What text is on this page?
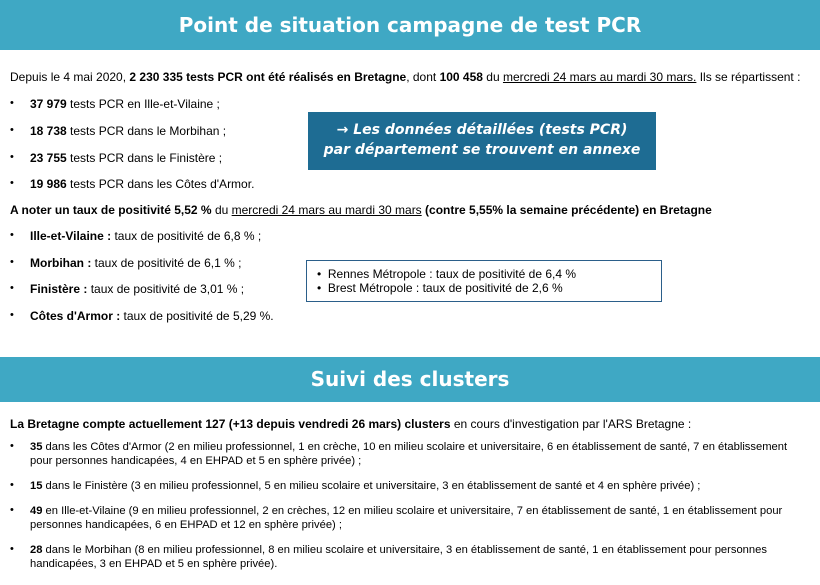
Point de situation campagne de test PCR
Depuis le 4 mai 2020, 2 230 335 tests PCR ont été réalisés en Bretagne, dont 100 458 du mercredi 24 mars au mardi 30 mars. Ils se répartissent :
• 37 979 tests PCR en Ille-et-Vilaine ;
• 18 738 tests PCR dans le Morbihan ;
• 23 755 tests PCR dans le Finistère ;
• 19 986 tests PCR dans les Côtes d'Armor.
→ Les données détaillées (tests PCR)
par département se trouvent en annexe
A noter un taux de positivité 5,52 % du mercredi 24 mars au mardi 30 mars (contre 5,55% la semaine précédente) en Bretagne
• Ille-et-Vilaine : taux de positivité de 6,8 % ;
• Morbihan : taux de positivité de 6,1 % ;
• Finistère : taux de positivité de 3,01 % ;
• Côtes d'Armor : taux de positivité de 5,29 %.
• Rennes Métropole : taux de positivité de 6,4 %
• Brest Métropole : taux de positivité de 2,6 %
Suivi des clusters
La Bretagne compte actuellement 127 (+13 depuis vendredi 26 mars) clusters en cours d'investigation par l'ARS Bretagne :
• 35 dans les Côtes d'Armor (2 en milieu professionnel, 1 en crèche, 10 en milieu scolaire et universitaire, 6 en établissement de santé, 7 en établissement pour personnes handicapées, 4 en EHPAD et 5 en sphère privée) ;
• 15 dans le Finistère (3 en milieu professionnel, 5 en milieu scolaire et universitaire, 3 en établissement de santé et 4 en sphère privée) ;
• 49 en Ille-et-Vilaine (9 en milieu professionnel, 2 en crèches, 12 en milieu scolaire et universitaire, 7 en établissement de santé, 1 en établissement pour personnes handicapées, 6 en EHPAD et 12 en sphère privée) ;
• 28 dans le Morbihan (8 en milieu professionnel, 8 en milieu scolaire et universitaire, 3 en établissement de santé, 1 en établissement pour personnes handicapées, 3 en EHPAD et 5 en sphère privée).
